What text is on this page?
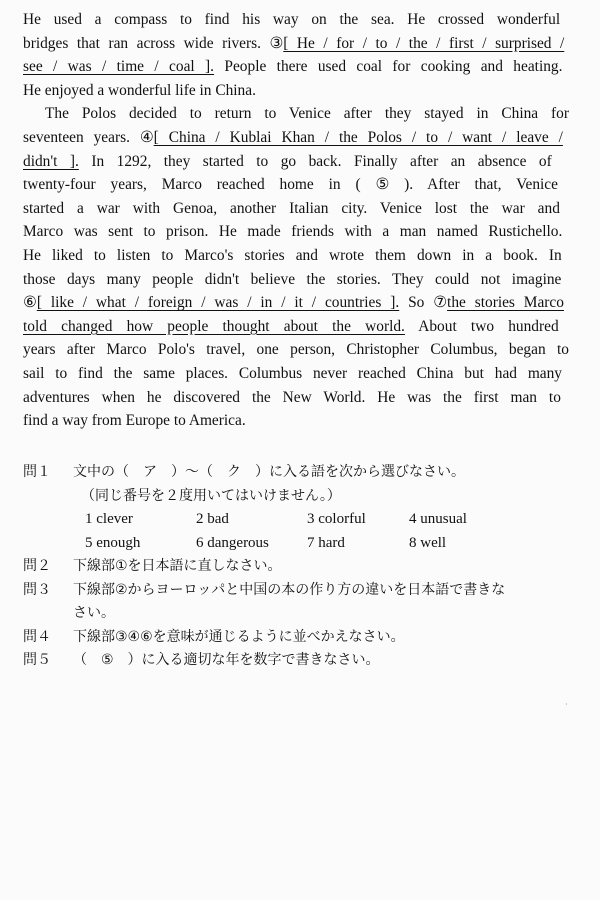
He used a compass to find his way on the sea. He crossed wonderful
bridges that ran across wide rivers. ③[ He / for / to / the / first / surprised /
see / was / time / coal ]. People there used coal for cooking and heating.
He enjoyed a wonderful life in China.
The Polos decided to return to Venice after they stayed in China for
seventeen years. ④[ China / Kublai Khan / the Polos / to / want / leave /
didn't ]. In 1292, they started to go back. Finally after an absence of
twenty-four years, Marco reached home in ( ⑤ ). After that, Venice
started a war with Genoa, another Italian city. Venice lost the war and
Marco was sent to prison. He made friends with a man named Rustichello.
He liked to listen to Marco's stories and wrote them down in a book. In
those days many people didn't believe the stories. They could not imagine
⑥[ like / what / foreign / was / in / it / countries ]. So ⑦the stories Marco
told changed how people thought about the world. About two hundred
years after Marco Polo's travel, one person, Christopher Columbus, began to
sail to find the same places. Columbus never reached China but had many
adventures when he discovered the New World. He was the first man to
find a way from Europe to America.
問１	文中の（　ア　）～（　ク　）に入る語を次から選びなさい。
（同じ番号を２度用いてはいけません。）
1 clever	2 bad	3 colorful	4 unusual
5 enough	6 dangerous	7 hard	8 well
問２	下線部①を日本語に直しなさい。
問３	下線部②からヨーロッパと中国の本の作り方の違いを日本語で書きな
さい。
問４	下線部③④⑥を意味が通じるように並べかえなさい。
問５	（　⑤　）に入る適切な年を数字で書きなさい。
·
